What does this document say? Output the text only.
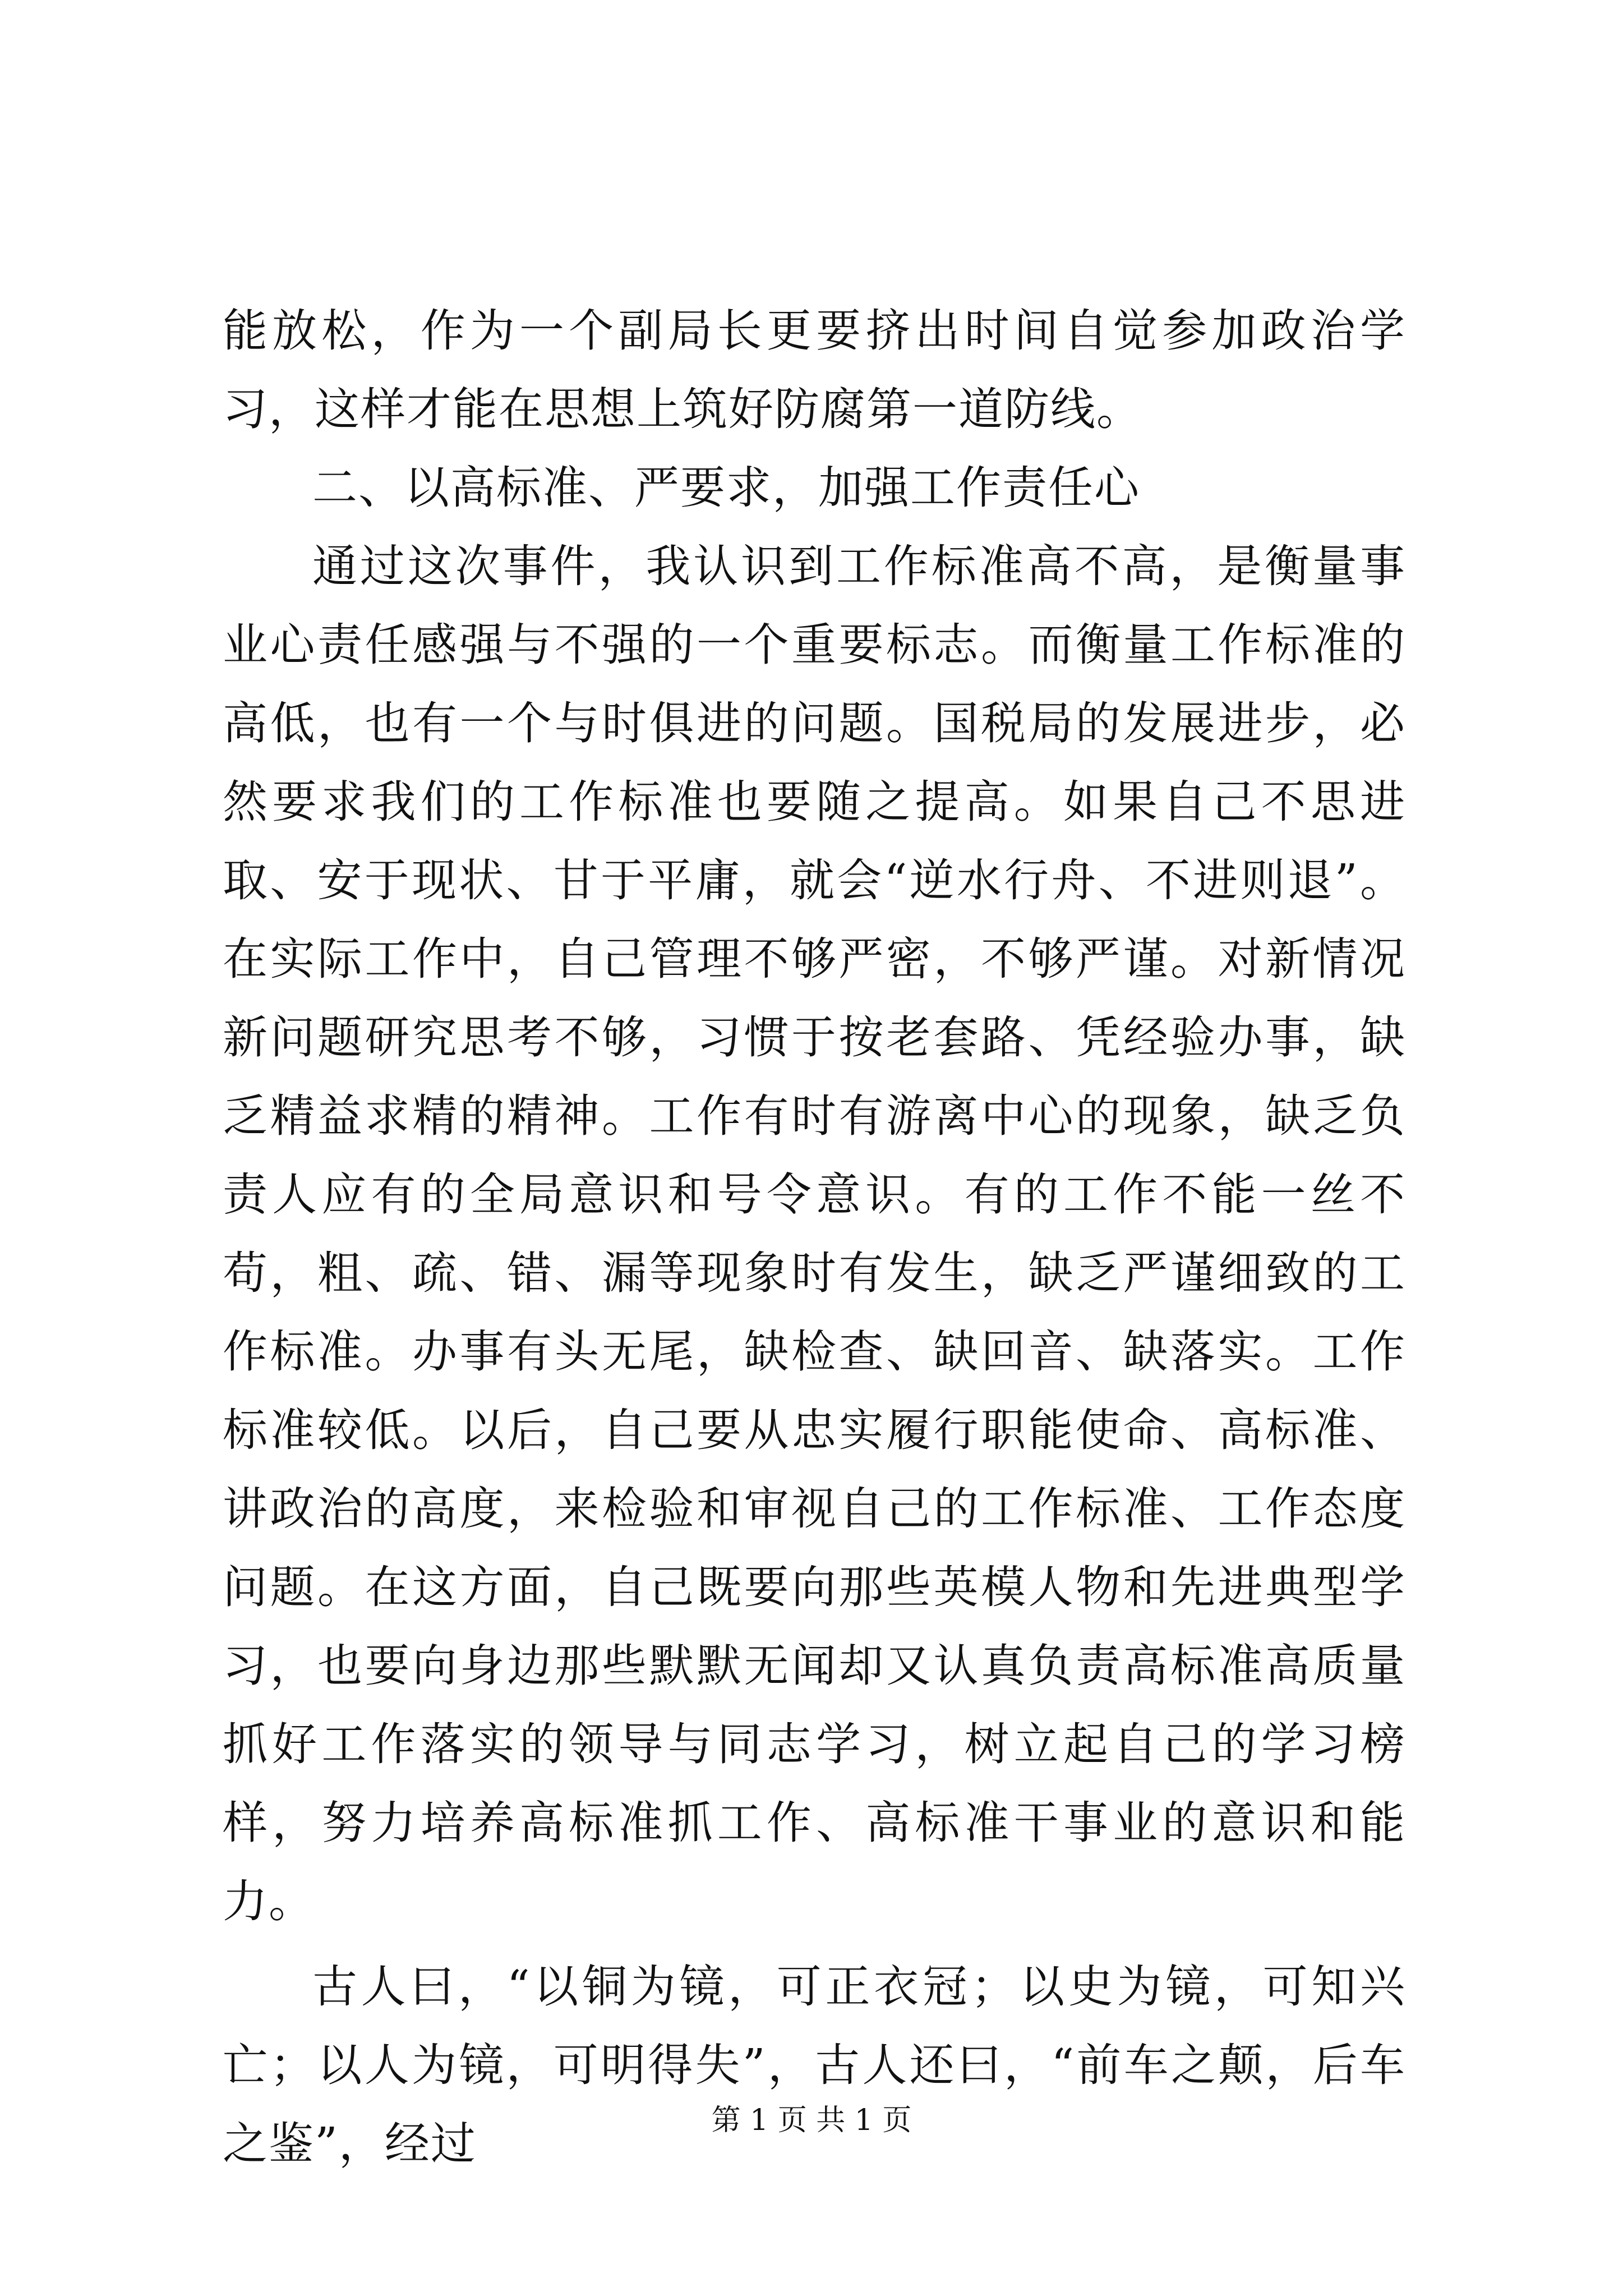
能放松，作为一个副局长更要挤出时间自觉参加政治学习，这样才能在思想上筑好防腐第一道防线。

二、以高标准、严要求，加强工作责任心

通过这次事件，我认识到工作标准高不高，是衡量事业心责任感强与不强的一个重要标志。而衡量工作标准的高低，也有一个与时俱进的问题。国税局的发展进步，必然要求我们的工作标准也要随之提高。如果自己不思进取、安于现状、甘于平庸，就会“逆水行舟、不进则退”。在实际工作中，自己管理不够严密，不够严谨。对新情况新问题研究思考不够，习惯于按老套路、凭经验办事，缺乏精益求精的精神。工作有时有游离中心的现象，缺乏负责人应有的全局意识和号令意识。有的工作不能一丝不苟，粗、疏、错、漏等现象时有发生，缺乏严谨细致的工作标准。办事有头无尾，缺检查、缺回音、缺落实。工作标准较低。以后，自己要从忠实履行职能使命、高标准、讲政治的高度，来检验和审视自己的工作标准、工作态度问题。在这方面，自己既要向那些英模人物和先进典型学习，也要向身边那些默默无闻却又认真负责高标准高质量抓好工作落实的领导与同志学习，树立起自己的学习榜样，努力培养高标准抓工作、高标准干事业的意识和能力。

古人曰，“以铜为镜，可正衣冠；以史为镜，可知兴亡；以人为镜，可明得失”，古人还曰，“前车之颠，后车之鉴”，经过	第 1 页 共 1 页
